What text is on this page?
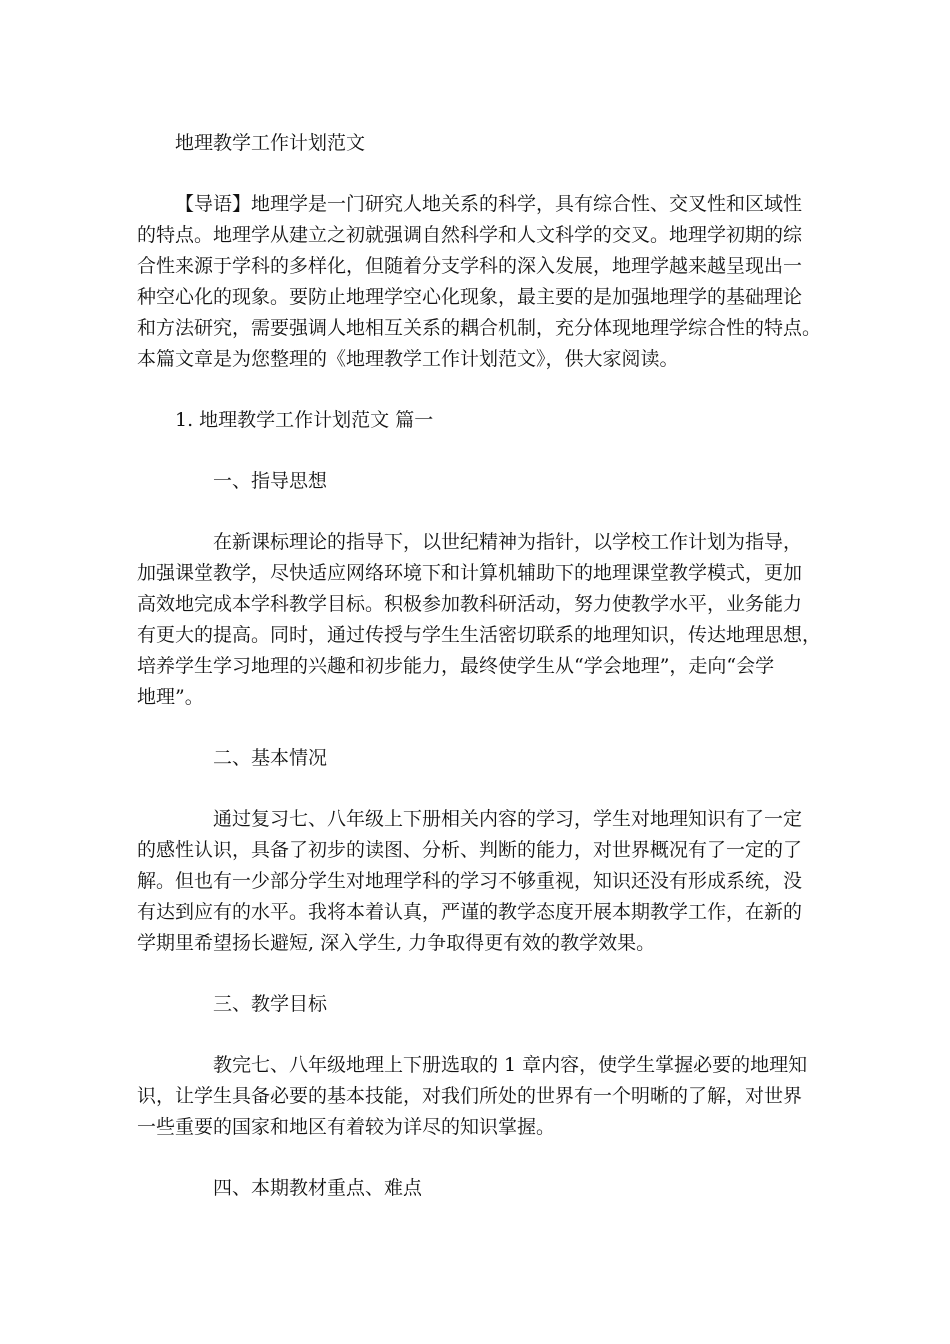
地理教学工作计划范文

【导语】地理学是一门研究人地关系的科学，具有综合性、交叉性和区域性

的特点。地理学从建立之初就强调自然科学和人文科学的交叉。地理学初期的综

合性来源于学科的多样化，但随着分支学科的深入发展，地理学越来越呈现出一

种空心化的现象。要防止地理学空心化现象，最主要的是加强地理学的基础理论

和方法研究，需要强调人地相互关系的耦合机制，充分体现地理学综合性的特点。

本篇文章是为您整理的《地理教学工作计划范文》，供大家阅读。

1. 地理教学工作计划范文 篇一

一、指导思想

在新课标理论的指导下，以世纪精神为指针，以学校工作计划为指导，

加强课堂教学，尽快适应网络环境下和计算机辅助下的地理课堂教学模式，更加

高效地完成本学科教学目标。积极参加教科研活动，努力使教学水平，业务能力

有更大的提高。同时，通过传授与学生生活密切联系的地理知识，传达地理思想，

培养学生学习地理的兴趣和初步能力，最终使学生从“学会地理”，走向“会学

地理”。

二、基本情况

通过复习七、八年级上下册相关内容的学习，学生对地理知识有了一定

的感性认识，具备了初步的读图、分析、判断的能力，对世界概况有了一定的了

解。但也有一少部分学生对地理学科的学习不够重视，知识还没有形成系统，没

有达到应有的水平。我将本着认真，严谨的教学态度开展本期教学工作，在新的

学期里希望扬长避短, 深入学生, 力争取得更有效的教学效果。

三、教学目标

教完七、八年级地理上下册选取的 1 章内容，使学生掌握必要的地理知

识，让学生具备必要的基本技能，对我们所处的世界有一个明晰的了解，对世界

一些重要的国家和地区有着较为详尽的知识掌握。

四、本期教材重点、难点
